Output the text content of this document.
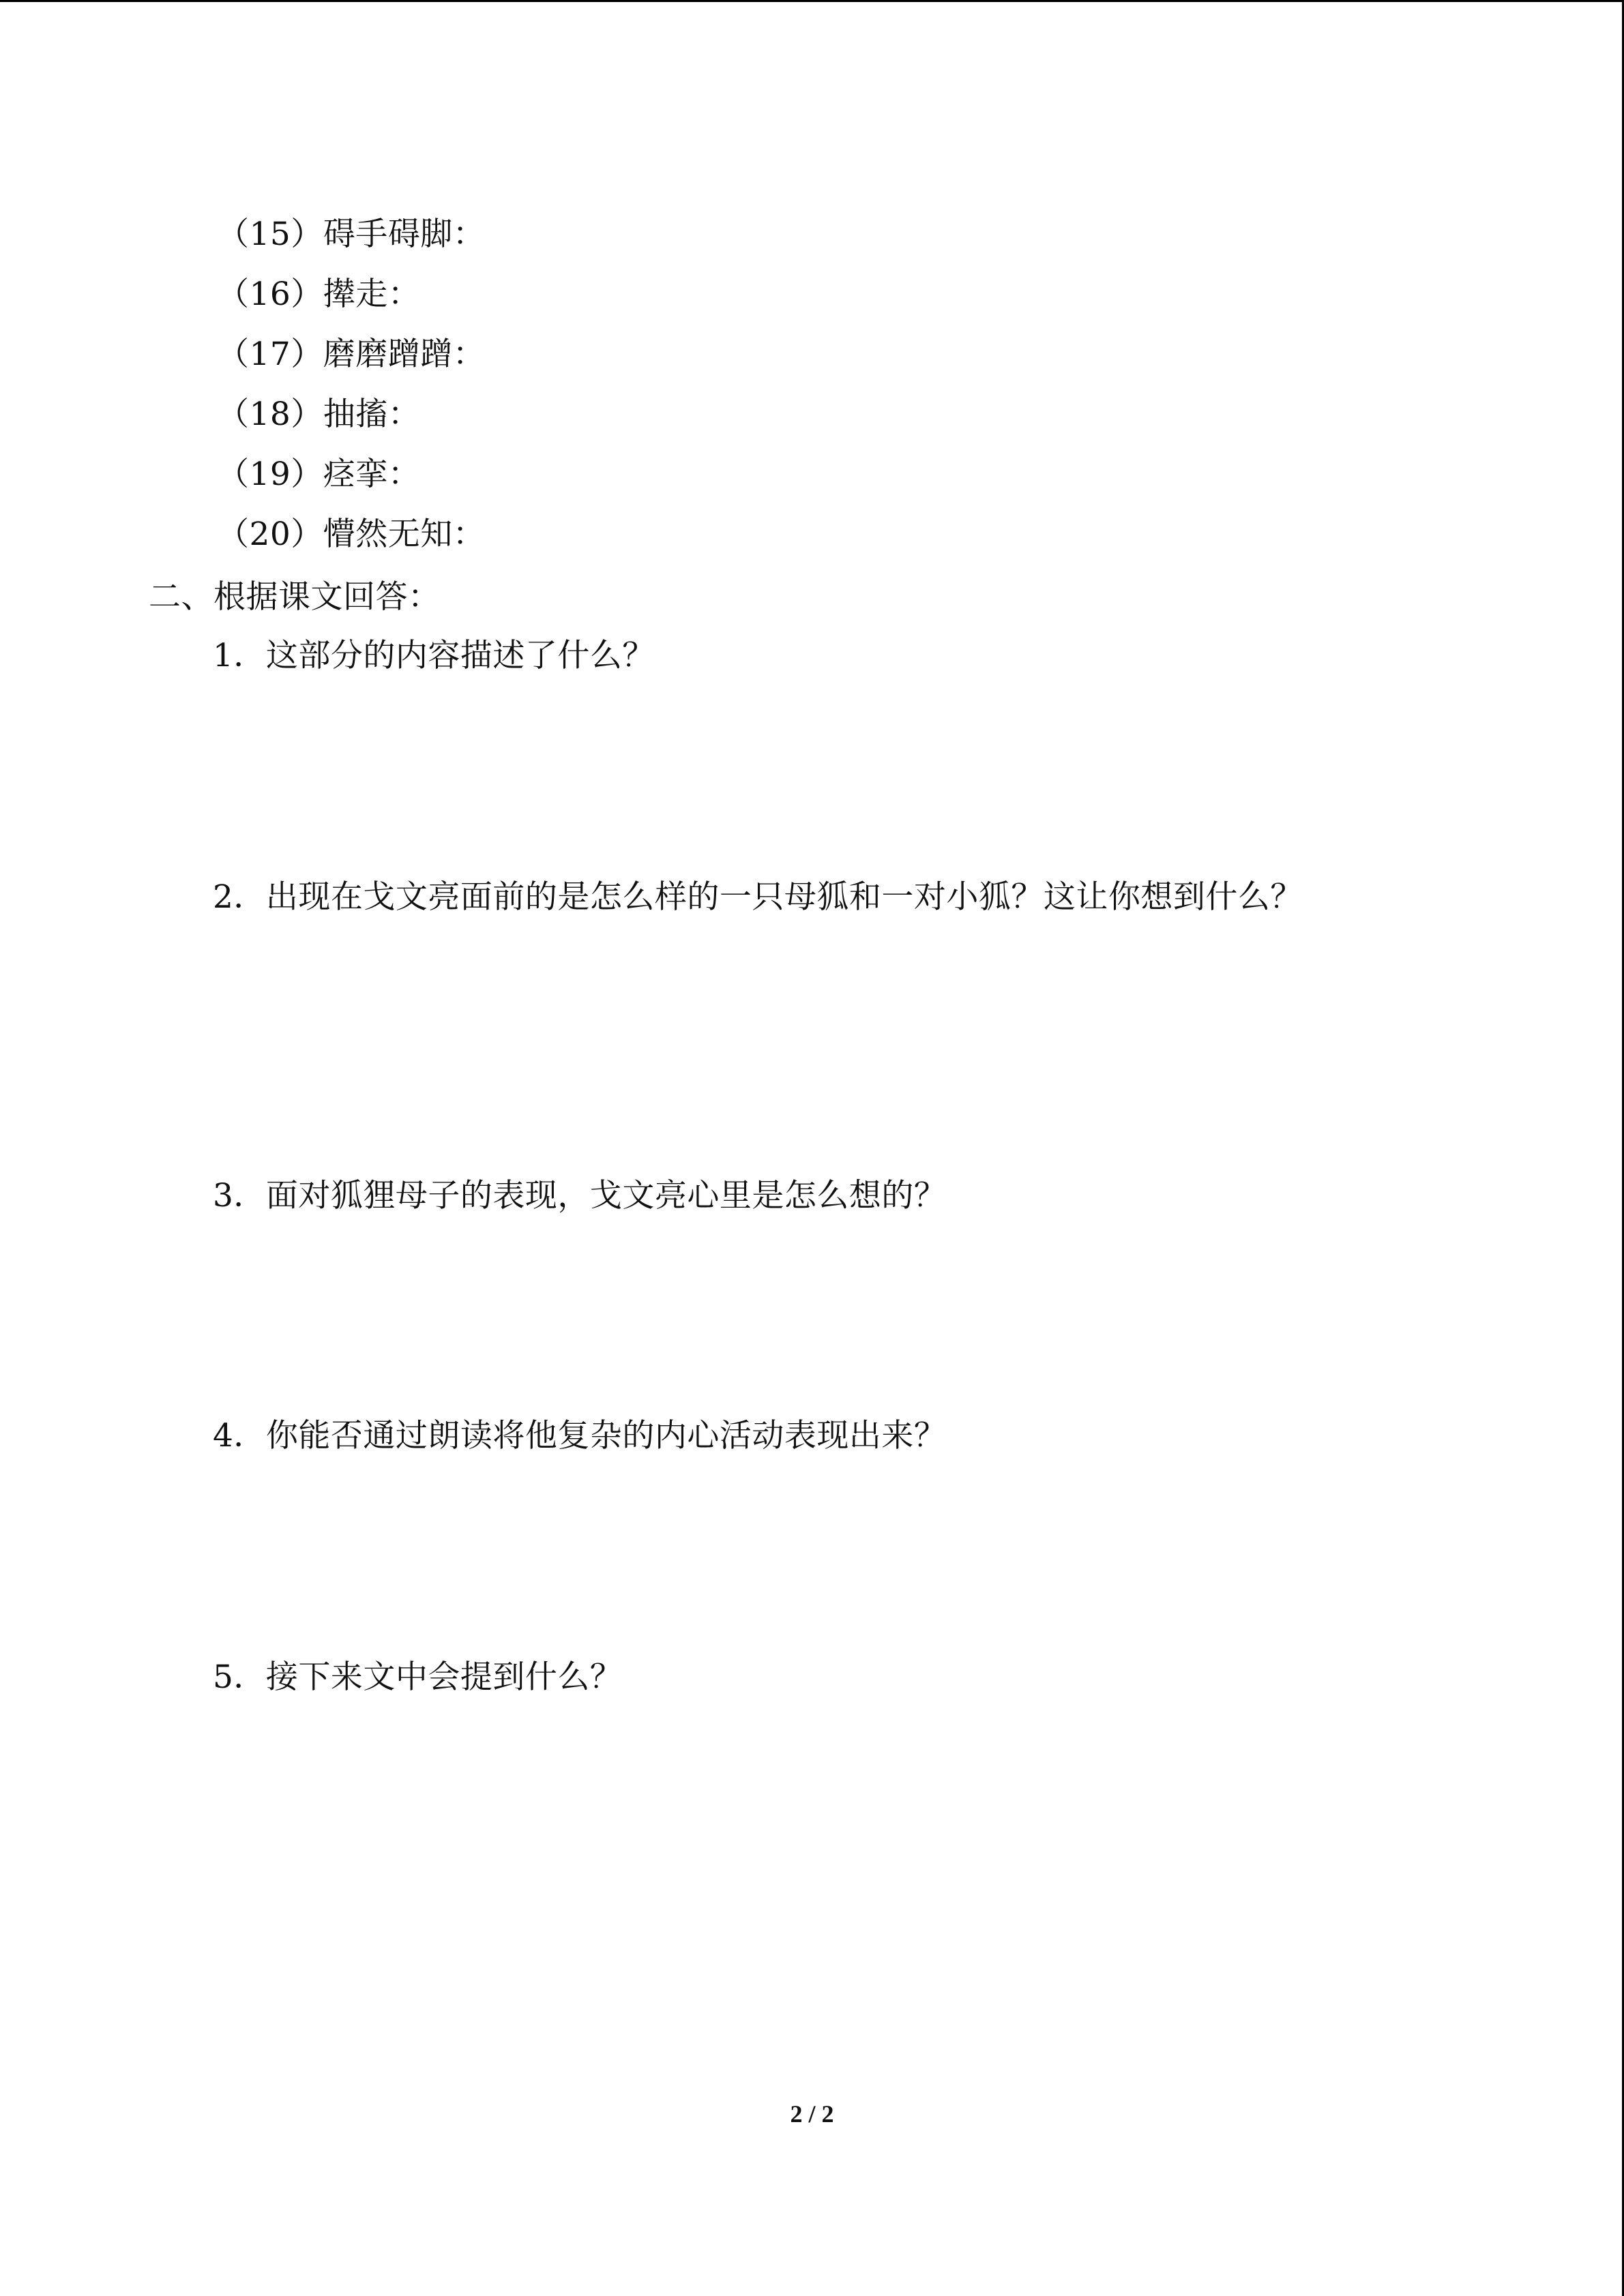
（15）碍手碍脚：
（16）撵走：
（17）磨磨蹭蹭：
（18）抽搐：
（19）痉挛：
（20）懵然无知：
二、根据课文回答：
1．这部分的内容描述了什么？
2．出现在戈文亮面前的是怎么样的一只母狐和一对小狐？这让你想到什么？
3．面对狐狸母子的表现，戈文亮心里是怎么想的？
4．你能否通过朗读将他复杂的内心活动表现出来？
5．接下来文中会提到什么？
2 / 2
